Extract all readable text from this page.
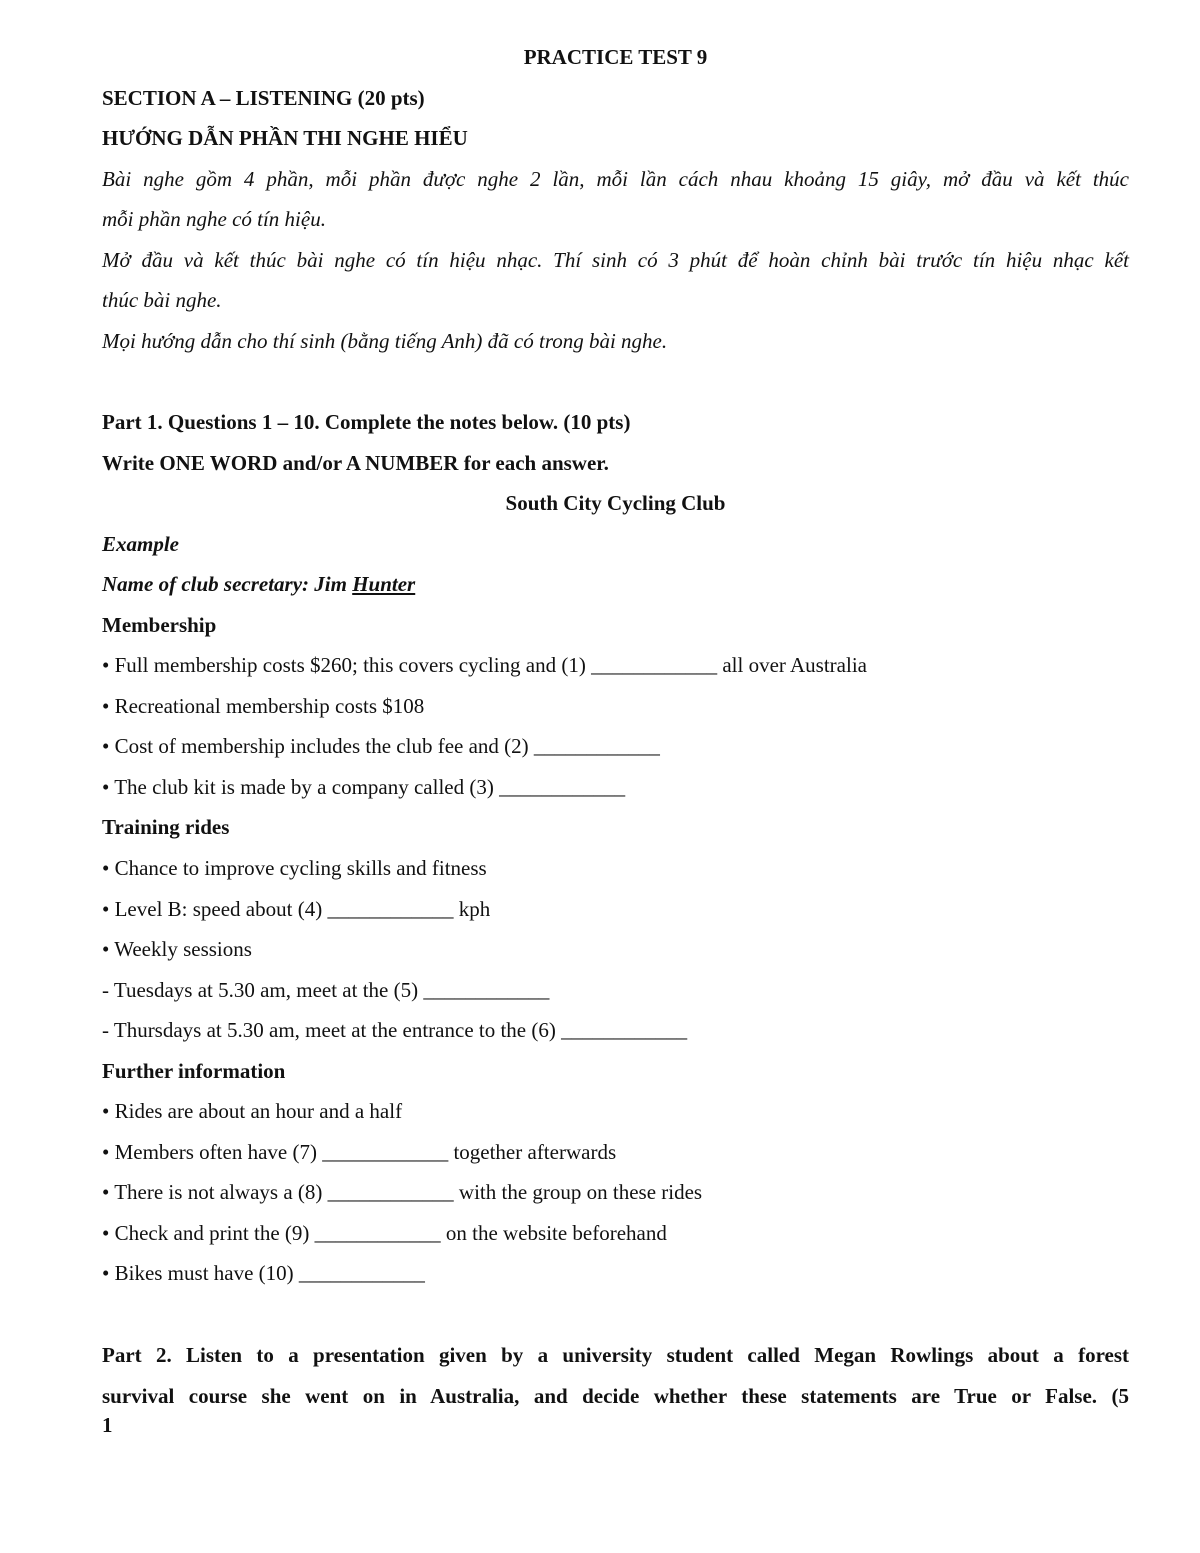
PRACTICE TEST 9
SECTION A – LISTENING (20 pts)
HƯỚNG DẪN PHẦN THI NGHE HIỂU
Bài nghe gồm 4 phần, mỗi phần được nghe 2 lần, mỗi lần cách nhau khoảng 15 giây, mở đầu và kết thúc
mỗi phần nghe có tín hiệu.
Mở đầu và kết thúc bài nghe có tín hiệu nhạc. Thí sinh có 3 phút để hoàn chỉnh bài trước tín hiệu nhạc kết
thúc bài nghe.
Mọi hướng dẫn cho thí sinh (bằng tiếng Anh) đã có trong bài nghe.
Part 1. Questions 1 – 10. Complete the notes below. (10 pts)
Write ONE WORD and/or A NUMBER for each answer.
South City Cycling Club
Example
Name of club secretary: Jim Hunter
Membership
• Full membership costs $260; this covers cycling and (1) ____________ all over Australia
• Recreational membership costs $108
• Cost of membership includes the club fee and (2) ____________
• The club kit is made by a company called (3) ____________
Training rides
• Chance to improve cycling skills and fitness
• Level B: speed about (4) ____________ kph
• Weekly sessions
- Tuesdays at 5.30 am, meet at the (5) ____________
- Thursdays at 5.30 am, meet at the entrance to the (6) ____________
Further information
• Rides are about an hour and a half
• Members often have (7) ____________ together afterwards
• There is not always a (8) ____________ with the group on these rides
• Check and print the (9) ____________ on the website beforehand
• Bikes must have (10) ____________
Part 2. Listen to a presentation given by a university student called Megan Rowlings about a forest
survival course she went on in Australia, and decide whether these statements are True or False. (5
1
